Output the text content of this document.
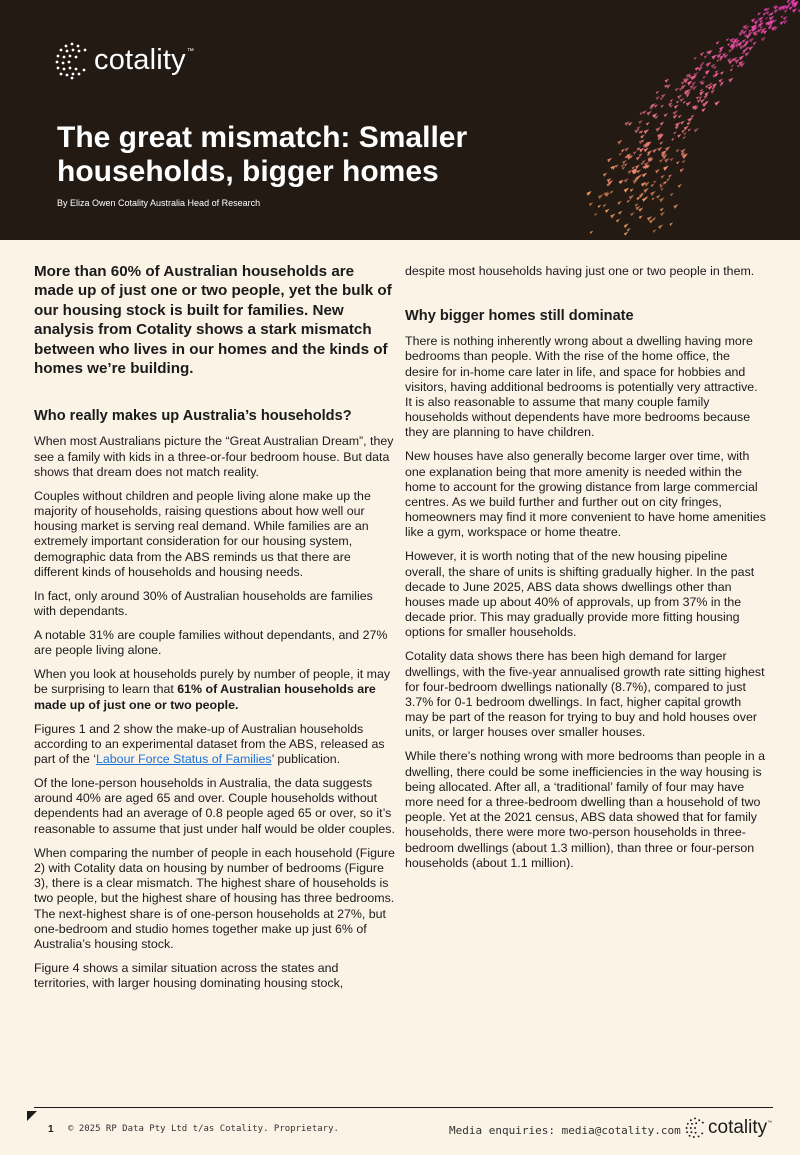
cotality ™
The great mismatch: Smaller
households, bigger homes
By Eliza Owen Cotality Australia Head of Research

More than 60% of Australian households are made up of just one or two people, yet the bulk of our housing stock is built for families. New analysis from Cotality shows a stark mismatch between who lives in our homes and the kinds of homes we’re building.

Who really makes up Australia’s households?

When most Australians picture the “Great Australian Dream”, they see a family with kids in a three-or-four bedroom house. But data shows that dream does not match reality.

Couples without children and people living alone make up the majority of households, raising questions about how well our housing market is serving real demand. While families are an extremely important consideration for our housing system, demographic data from the ABS reminds us that there are different kinds of households and housing needs.

In fact, only around 30% of Australian households are families with dependants.

A notable 31% are couple families without dependants, and 27% are people living alone.

When you look at households purely by number of people, it may be surprising to learn that 61% of Australian households are made up of just one or two people.

Figures 1 and 2 show the make-up of Australian households according to an experimental dataset from the ABS, released as part of the ‘Labour Force Status of Families’ publication.

Of the lone-person households in Australia, the data suggests around 40% are aged 65 and over. Couple households without dependents had an average of 0.8 people aged 65 or over, so it’s reasonable to assume that just under half would be older couples.

When comparing the number of people in each household (Figure 2) with Cotality data on housing by number of bedrooms (Figure 3), there is a clear mismatch. The highest share of households is two people, but the highest share of housing has three bedrooms. The next-highest share is of one-person households at 27%, but one-bedroom and studio homes together make up just 6% of Australia’s housing stock.

Figure 4 shows a similar situation across the states and territories, with larger housing dominating housing stock,

despite most households having just one or two people in them.

Why bigger homes still dominate

There is nothing inherently wrong about a dwelling having more bedrooms than people. With the rise of the home office, the desire for in-home care later in life, and space for hobbies and visitors, having additional bedrooms is potentially very attractive. It is also reasonable to assume that many couple family households without dependents have more bedrooms because they are planning to have children.

New houses have also generally become larger over time, with one explanation being that more amenity is needed within the home to account for the growing distance from large commercial centres. As we build further and further out on city fringes, homeowners may find it more convenient to have home amenities like a gym, workspace or home theatre.

However, it is worth noting that of the new housing pipeline overall, the share of units is shifting gradually higher. In the past decade to June 2025, ABS data shows dwellings other than houses made up about 40% of approvals, up from 37% in the decade prior. This may gradually provide more fitting housing options for smaller households.

Cotality data shows there has been high demand for larger dwellings, with the five-year annualised growth rate sitting highest for four-bedroom dwellings nationally (8.7%), compared to just 3.7% for 0-1 bedroom dwellings. In fact, higher capital growth may be part of the reason for trying to buy and hold houses over units, or larger houses over smaller houses.

While there’s nothing wrong with more bedrooms than people in a dwelling, there could be some inefficiencies in the way housing is being allocated. After all, a ‘traditional’ family of four may have more need for a three-bedroom dwelling than a household of two people. Yet at the 2021 census, ABS data showed that for family households, there were more two-person households in three-bedroom dwellings (about 1.3 million), than three or four-person households (about 1.1 million).

1 © 2025 RP Data Pty Ltd t/as Cotality. Proprietary.	Media enquiries: media@cotality.com cotality ™
